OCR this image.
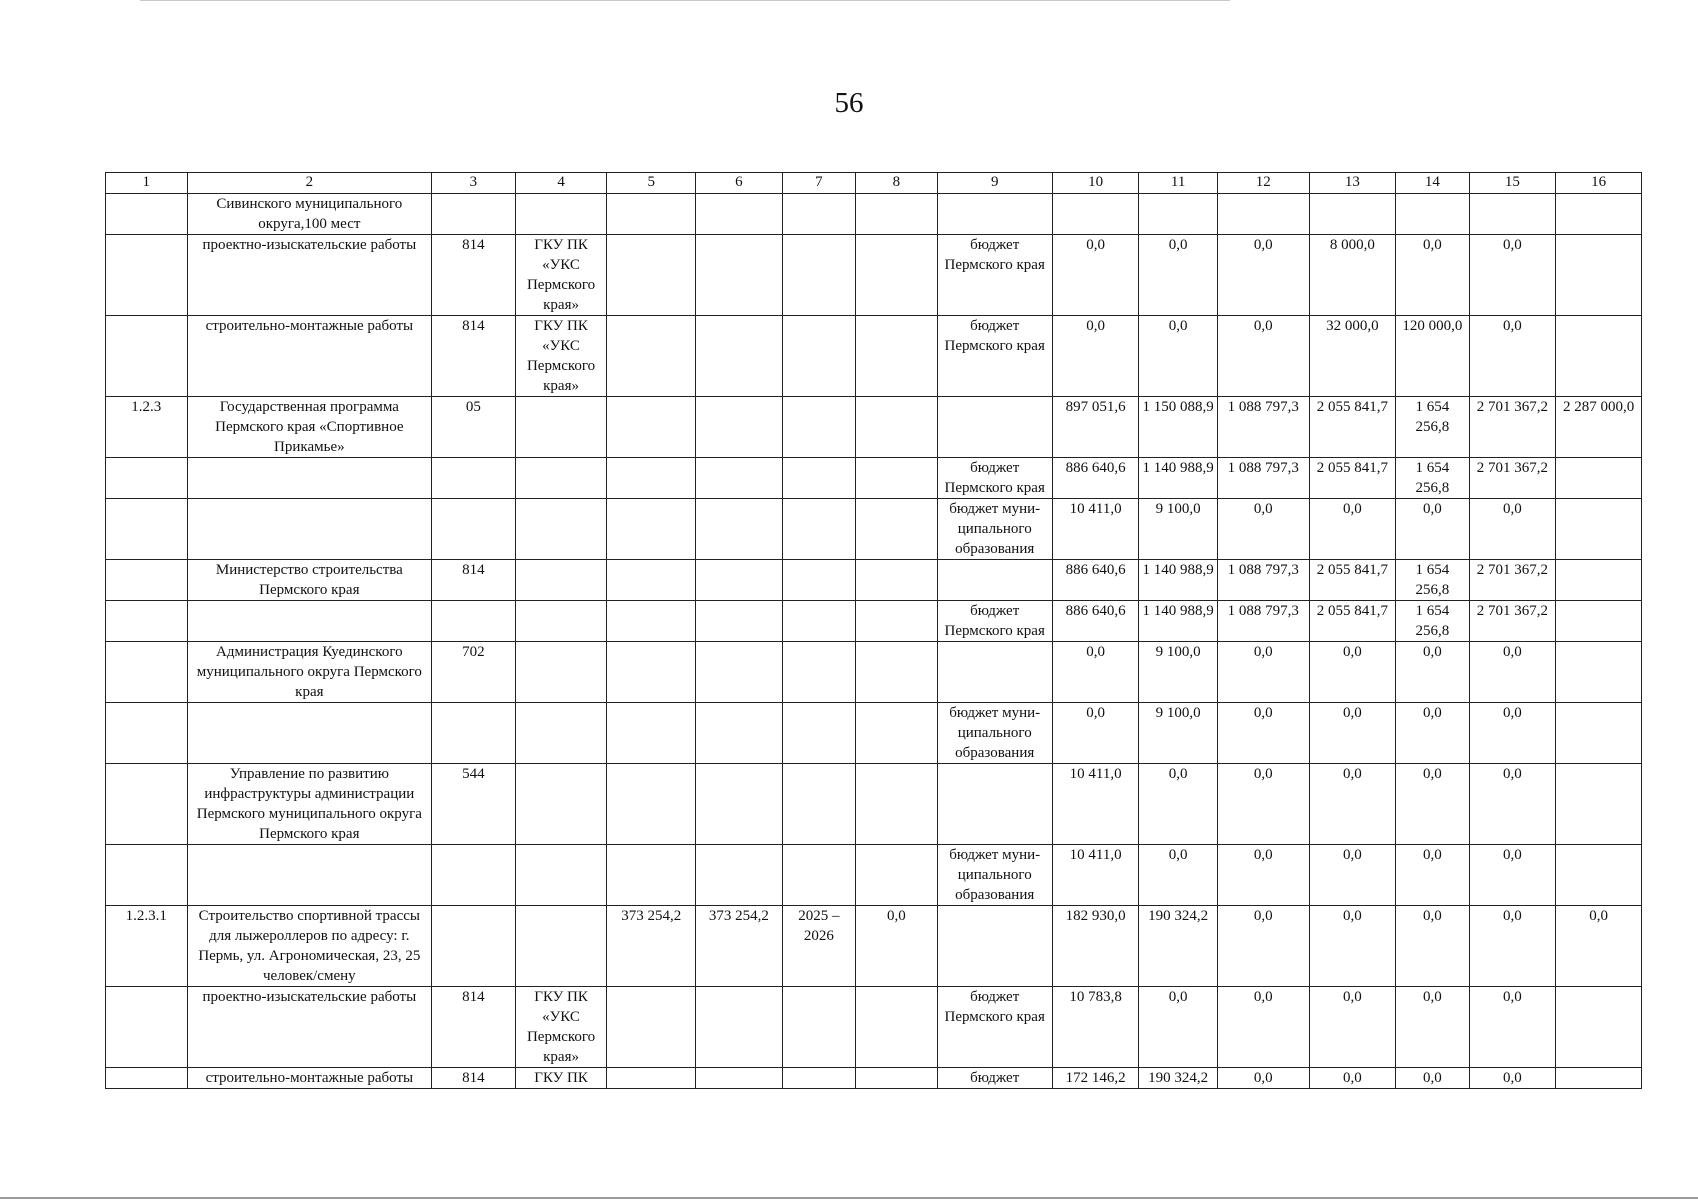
56
1	2	3	4	5	6	7	8	9	10	11	12	13	14	15	16
	Сивинского муниципального округа,100 мест														
	проектно-изыскательские работы	814	ГКУ ПК «УКС Пермского края»					бюджет Пермского края	0,0	0,0	0,0	8 000,0	0,0	0,0	
	строительно-монтажные работы	814	ГКУ ПК «УКС Пермского края»					бюджет Пермского края	0,0	0,0	0,0	32 000,0	120 000,0	0,0	
1.2.3	Государственная программа Пермского края «Спортивное Прикамье»	05							897 051,6	1 150 088,9	1 088 797,3	2 055 841,7	1 654 256,8	2 701 367,2	2 287 000,0
								бюджет Пермского края	886 640,6	1 140 988,9	1 088 797,3	2 055 841,7	1 654 256,8	2 701 367,2	
								бюджет муни-ципального образования	10 411,0	9 100,0	0,0	0,0	0,0	0,0	
	Министерство строительства Пермского края	814							886 640,6	1 140 988,9	1 088 797,3	2 055 841,7	1 654 256,8	2 701 367,2	
								бюджет Пермского края	886 640,6	1 140 988,9	1 088 797,3	2 055 841,7	1 654 256,8	2 701 367,2	
	Администрация Куединского муниципального округа Пермского края	702							0,0	9 100,0	0,0	0,0	0,0	0,0	
								бюджет муни-ципального образования	0,0	9 100,0	0,0	0,0	0,0	0,0	
	Управление по развитию инфраструктуры администрации Пермского муниципального округа Пермского края	544							10 411,0	0,0	0,0	0,0	0,0	0,0	
								бюджет муни-ципального образования	10 411,0	0,0	0,0	0,0	0,0	0,0	
1.2.3.1	Строительство спортивной трассы для лыжероллеров по адресу: г. Пермь, ул. Агрономическая, 23, 25 человек/смену			373 254,2	373 254,2	2025 – 2026	0,0		182 930,0	190 324,2	0,0	0,0	0,0	0,0	0,0
	проектно-изыскательские работы	814	ГКУ ПК «УКС Пермского края»					бюджет Пермского края	10 783,8	0,0	0,0	0,0	0,0	0,0	
	строительно-монтажные работы	814	ГКУ ПК					бюджет	172 146,2	190 324,2	0,0	0,0	0,0	0,0	
